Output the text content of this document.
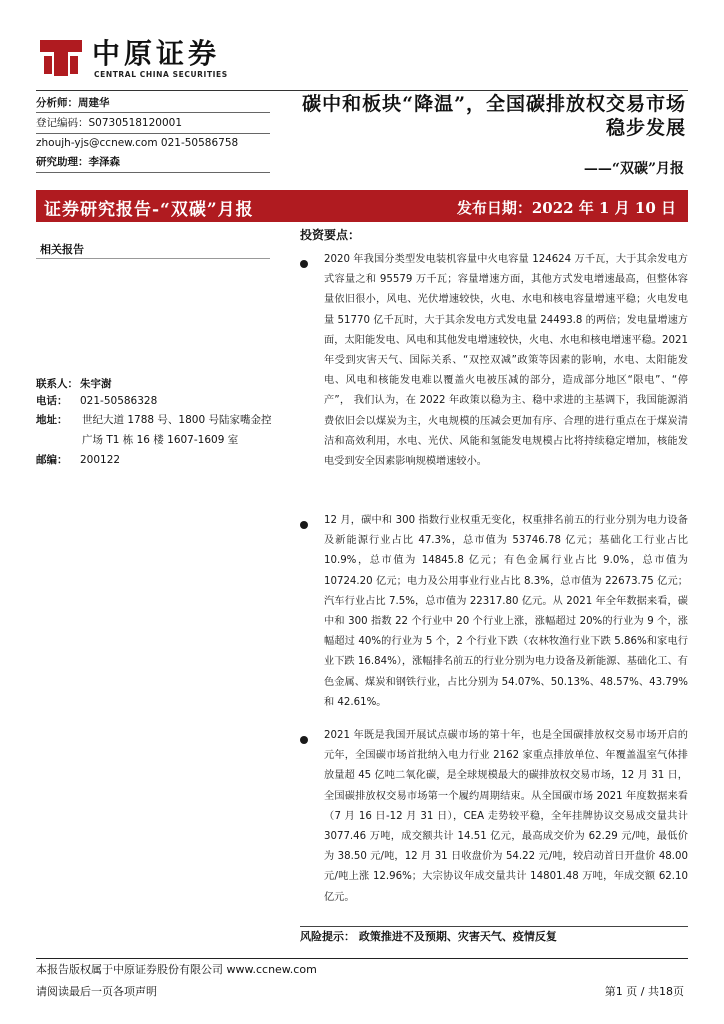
中原证券
CENTRAL CHINA SECURITIES
分析师：周建华
登记编码：S0730518120001
zhoujh-yjs@ccnew.com 021-50586758
研究助理：李泽森
碳中和板块“降温”，全国碳排放权交易市场稳步发展
——“双碳”月报
证券研究报告-“双碳”月报	发布日期：2022 年 1 月 10 日
相关报告
联系人： 朱宇澍
电话： 021-50586328
地址：	世纪大道 1788 号、1800 号陆家嘴金控广场 T1 栋 16 楼 1607-1609 室
邮编： 200122
投资要点：
2020 年我国分类型发电装机容量中火电容量 124624 万千瓦，大于其余发电方式容量之和 95579 万千瓦；容量增速方面，其他方式发电增速最高，但整体容量依旧很小，风电、光伏增速较快，火电、水电和核电容量增速平稳；火电发电量 51770 亿千瓦时，大于其余发电方式发电量 24493.8 的两倍；发电量增速方面，太阳能发电、风电和其他发电增速较快，火电、水电和核电增速平稳。2021 年受到灾害天气、国际关系、“双控双减”政策等因素的影响，水电、太阳能发电、风电和核能发电难以覆盖火电被压减的部分，造成部分地区“限电”、“停产”， 我们认为，在 2022 年政策以稳为主、稳中求进的主基调下，我国能源消费依旧会以煤炭为主，火电规模的压减会更加有序、合理的进行重点在于煤炭清洁和高效利用，水电、光伏、风能和氢能发电规模占比将持续稳定增加，核能发电受到安全因素影响规模增速较小。
12 月，碳中和 300 指数行业权重无变化，权重排名前五的行业分别为电力设备及新能源行业占比 47.3%，总市值为 53746.78 亿元；基础化工行业占比 10.9%，总市值为 14845.8 亿元；有色金属行业占比 9.0%，总市值为 10724.20 亿元；电力及公用事业行业占比 8.3%，总市值为 22673.75 亿元；汽车行业占比 7.5%，总市值为 22317.80 亿元。从 2021 年全年数据来看，碳中和 300 指数 22 个行业中 20 个行业上涨，涨幅超过 20%的行业为 9 个，涨幅超过 40%的行业为 5 个，2 个行业下跌（农林牧渔行业下跌 5.86%和家电行业下跌 16.84%），涨幅排名前五的行业分别为电力设备及新能源、基础化工、有色金属、煤炭和钢铁行业，占比分别为 54.07%、50.13%、48.57%、43.79%和 42.61%。
2021 年既是我国开展试点碳市场的第十年，也是全国碳排放权交易市场开启的元年，全国碳市场首批纳入电力行业 2162 家重点排放单位、年覆盖温室气体排放量超 45 亿吨二氧化碳，是全球规模最大的碳排放权交易市场，12 月 31 日，全国碳排放权交易市场第一个履约周期结束。从全国碳市场 2021 年度数据来看（7 月 16 日-12 月 31 日），CEA 走势较平稳，全年挂牌协议交易成交量共计 3077.46 万吨，成交额共计 14.51 亿元，最高成交价为 62.29 元/吨，最低价为 38.50 元/吨，12 月 31 日收盘价为 54.22 元/吨，较启动首日开盘价 48.00 元/吨上涨 12.96%；大宗协议年成交量共计 14801.48 万吨，年成交额 62.10 亿元。
风险提示： 政策推进不及预期、灾害天气、疫情反复
本报告版权属于中原证券股份有限公司 www.ccnew.com
请阅读最后一页各项声明	第1 页 / 共18页
